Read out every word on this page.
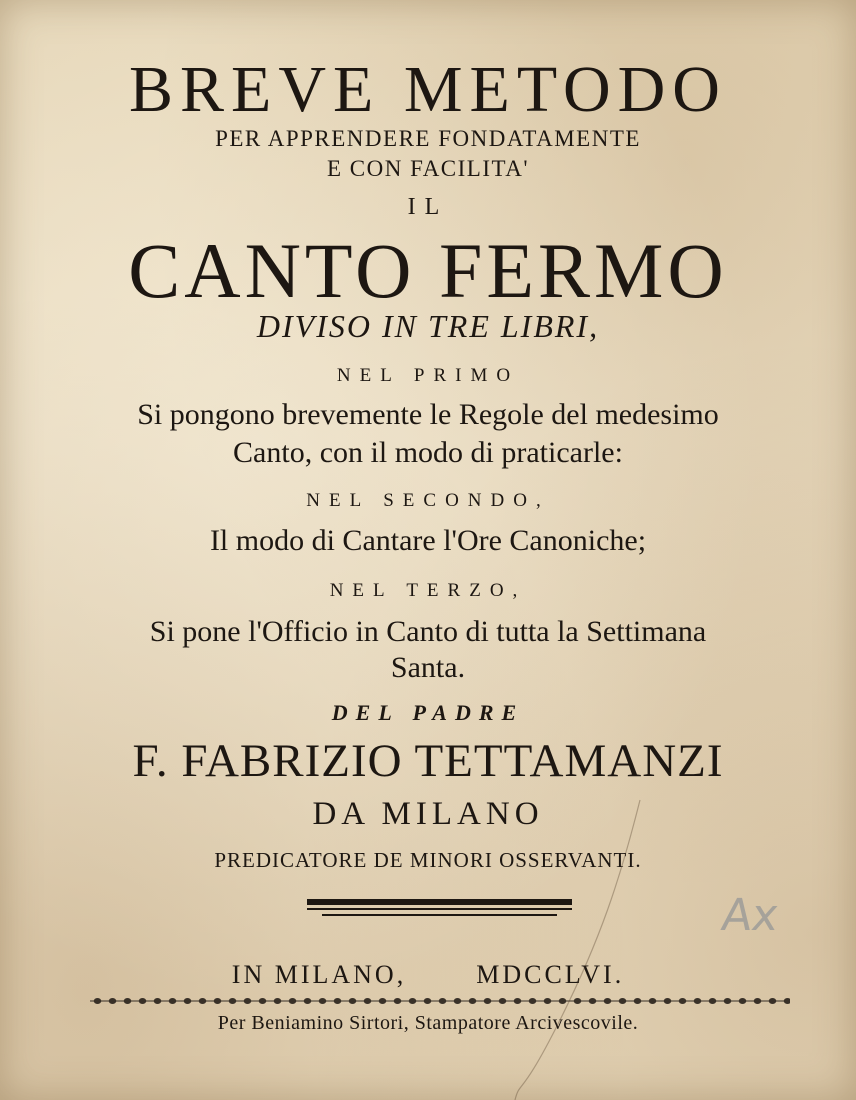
BREVE METODO
PER APPRENDERE FONDATAMENTE
E CON FACILITA'
IL
CANTO FERMO
DIVISO IN TRE LIBRI,
NEL PRIMO
Si pongono brevemente le Regole del medesimo
Canto, con il modo di praticarle:
NEL SECONDO,
Il modo di Cantare l'Ore Canoniche;
NEL TERZO,
Si pone l'Officio in Canto di tutta la Settimana
Santa.
DEL PADRE
F. FABRIZIO TETTAMANZI
DA MILANO
PREDICATORE DE MINORI OSSERVANTI.
Ax
IN MILANO,	MDCCLVI.
Per Beniamino Sirtori, Stampatore Arcivescovile.
